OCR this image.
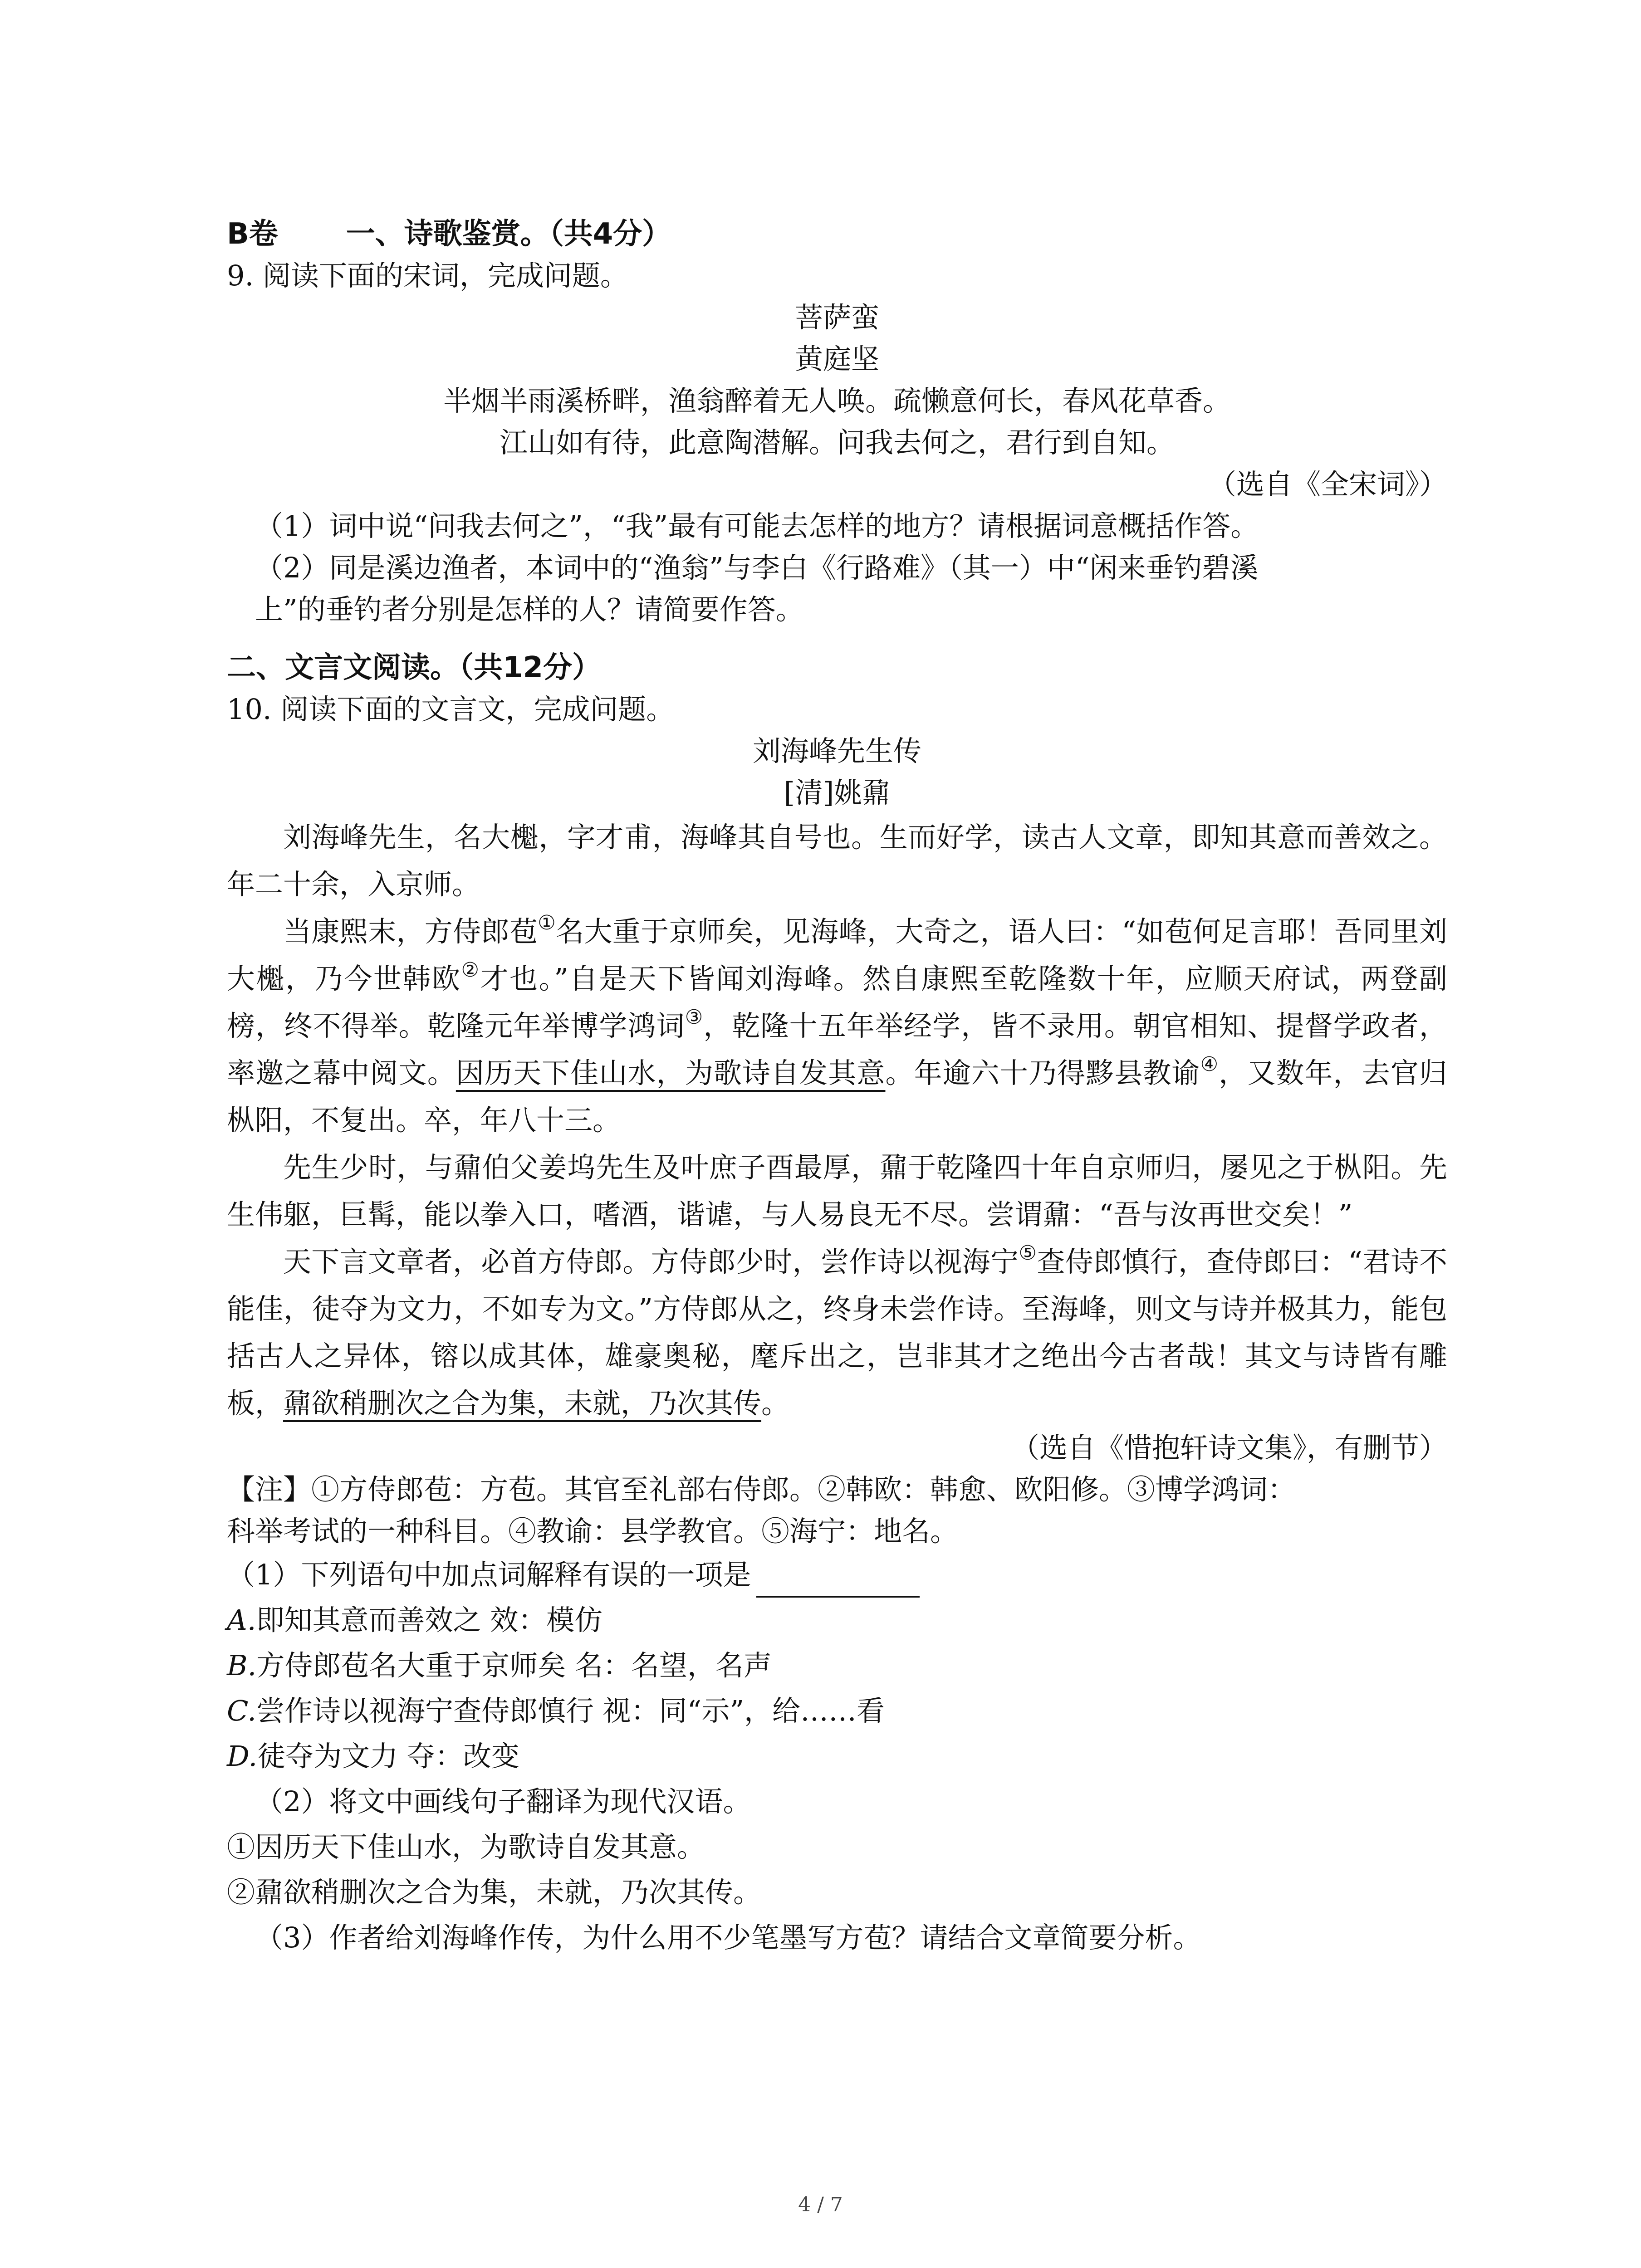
B卷 一、诗歌鉴赏。（共4分）

9. 阅读下面的宋词，完成问题。

菩萨蛮

黄庭坚

半烟半雨溪桥畔，渔翁醉着无人唤。疏懒意何长，春风花草香。

江山如有待，此意陶潜解。问我去何之，君行到自知。

（选自《全宋词》）

（1）词中说“问我去何之”，“我”最有可能去怎样的地方？请根据词意概括作答。

（2）同是溪边渔者，本词中的“渔翁”与李白《行路难》（其一）中“闲来垂钓碧溪

上”的垂钓者分别是怎样的人？请简要作答。

二、文言文阅读。（共12分）

10. 阅读下面的文言文，完成问题。

刘海峰先生传

[清]姚鼐

刘海峰先生，名大櫆，字才甫，海峰其自号也。生而好学，读古人文章，即知其意而善效之。年二十余，入京师。

当康熙末，方侍郎苞①名大重于京师矣，见海峰，大奇之，语人曰：“如苞何足言耶！吾同里刘大櫆，乃今世韩欧②才也。”自是天下皆闻刘海峰。然自康熙至乾隆数十年，应顺天府试，两登副榜，终不得举。乾隆元年举博学鸿词③，乾隆十五年举经学，皆不录用。朝官相知、提督学政者，率邀之幕中阅文。因历天下佳山水，为歌诗自发其意。年逾六十乃得黟县教谕④，又数年，去官归枞阳，不复出。卒，年八十三。

先生少时，与鼐伯父姜坞先生及叶庶子酉最厚，鼐于乾隆四十年自京师归，屡见之于枞阳。先生伟躯，巨髯，能以拳入口，嗜酒，谐谑，与人易良无不尽。尝谓鼐：“吾与汝再世交矣！”

天下言文章者，必首方侍郎。方侍郎少时，尝作诗以视海宁⑤查侍郎慎行，查侍郎曰：“君诗不能佳，徒夺为文力，不如专为文。”方侍郎从之，终身未尝作诗。至海峰，则文与诗并极其力，能包括古人之异体，镕以成其体，雄豪奥秘，麾斥出之，岂非其才之绝出今古者哉！其文与诗皆有雕板，鼐欲稍删次之合为集，未就，乃次其传。

（选自《惜抱轩诗文集》，有删节）

【注】①方侍郎苞：方苞。其官至礼部右侍郎。②韩欧：韩愈、欧阳修。③博学鸿词：

科举考试的一种科目。④教谕：县学教官。⑤海宁：地名。

（1）下列语句中加点词解释有误的一项是

A.即知其意而善效之 效：模仿

B.方侍郎苞名大重于京师矣 名：名望，名声

C.尝作诗以视海宁查侍郎慎行 视：同“示”，给……看

D.徒夺为文力 夺：改变

（2）将文中画线句子翻译为现代汉语。

①因历天下佳山水，为歌诗自发其意。

②鼐欲稍删次之合为集，未就，乃次其传。

（3）作者给刘海峰作传，为什么用不少笔墨写方苞？请结合文章简要分析。

4 / 7
